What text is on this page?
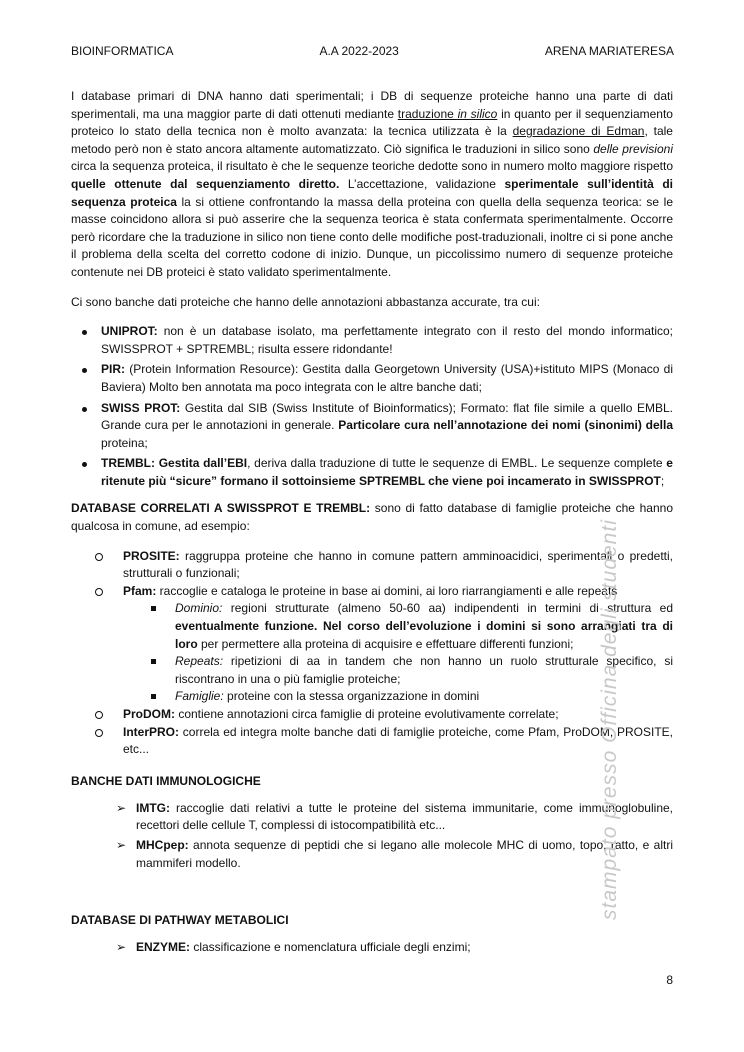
BIOINFORMATICA	A.A 2022-2023	ARENA MARIATERESA

I database primari di DNA hanno dati sperimentali; i DB di sequenze proteiche hanno una parte di dati sperimentali, ma una maggior parte di dati ottenuti mediante traduzione in silico in quanto per il sequenziamento proteico lo stato della tecnica non è molto avanzata: la tecnica utilizzata è la degradazione di Edman, tale metodo però non è stato ancora altamente automatizzato. Ciò significa le traduzioni in silico sono delle previsioni circa la sequenza proteica, il risultato è che le sequenze teoriche dedotte sono in numero molto maggiore rispetto quelle ottenute dal sequenziamento diretto. L’accettazione, validazione sperimentale sull’identità di sequenza proteica la si ottiene confrontando la massa della proteina con quella della sequenza teorica: se le masse coincidono allora si può asserire che la sequenza teorica è stata confermata sperimentalmente. Occorre però ricordare che la traduzione in silico non tiene conto delle modifiche post-traduzionali, inoltre ci si pone anche il problema della scelta del corretto codone di inizio. Dunque, un piccolissimo numero di sequenze proteiche contenute nei DB proteici è stato validato sperimentalmente.

Ci sono banche dati proteiche che hanno delle annotazioni abbastanza accurate, tra cui:

UNIPROT: non è un database isolato, ma perfettamente integrato con il resto del mondo informatico; SWISSPROT + SPTREMBL; risulta essere ridondante!
PIR: (Protein Information Resource): Gestita dalla Georgetown University (USA)+istituto MIPS (Monaco di Baviera) Molto ben annotata ma poco integrata con le altre banche dati;
SWISS PROT: Gestita dal SIB (Swiss Institute of Bioinformatics); Formato: flat file simile a quello EMBL. Grande cura per le annotazioni in generale. Particolare cura nell’annotazione dei nomi (sinonimi) della proteina;
TREMBL: Gestita dall’EBI, deriva dalla traduzione di tutte le sequenze di EMBL. Le sequenze complete e ritenute più “sicure” formano il sottoinsieme SPTREMBL che viene poi incamerato in SWISSPROT;

DATABASE CORRELATI A SWISSPROT E TREMBL: sono di fatto database di famiglie proteiche che hanno qualcosa in comune, ad esempio:

PROSITE: raggruppa proteine che hanno in comune pattern amminoacidici, sperimentali o predetti, strutturali o funzionali;
Pfam: raccoglie e cataloga le proteine in base ai domini, ai loro riarrangiamenti e alle repeats
Dominio: regioni strutturate (almeno 50-60 aa) indipendenti in termini di struttura ed eventualmente funzione. Nel corso dell’evoluzione i domini si sono arrangiati tra di loro per permettere alla proteina di acquisire e effettuare differenti funzioni;
Repeats: ripetizioni di aa in tandem che non hanno un ruolo strutturale specifico, si riscontrano in una o più famiglie proteiche;
Famiglie: proteine con la stessa organizzazione in domini
ProDOM: contiene annotazioni circa famiglie di proteine evolutivamente correlate;
InterPRO: correla ed integra molte banche dati di famiglie proteiche, come Pfam, ProDOM, PROSITE, etc...
BANCHE DATI IMMUNOLOGICHE
➢ IMTG: raccoglie dati relativi a tutte le proteine del sistema immunitarie, come immunoglobuline, recettori delle cellule T, complessi di istocompatibilità etc...
➢ MHCpep: annota sequenze di peptidi che si legano alle molecole MHC di uomo, topo, ratto, e altri mammiferi modello.
DATABASE DI PATHWAY METABOLICI
➢ ENZYME: classificazione e nomenclatura ufficiale degli enzimi;
stampato presso Officina degli studenti
8
